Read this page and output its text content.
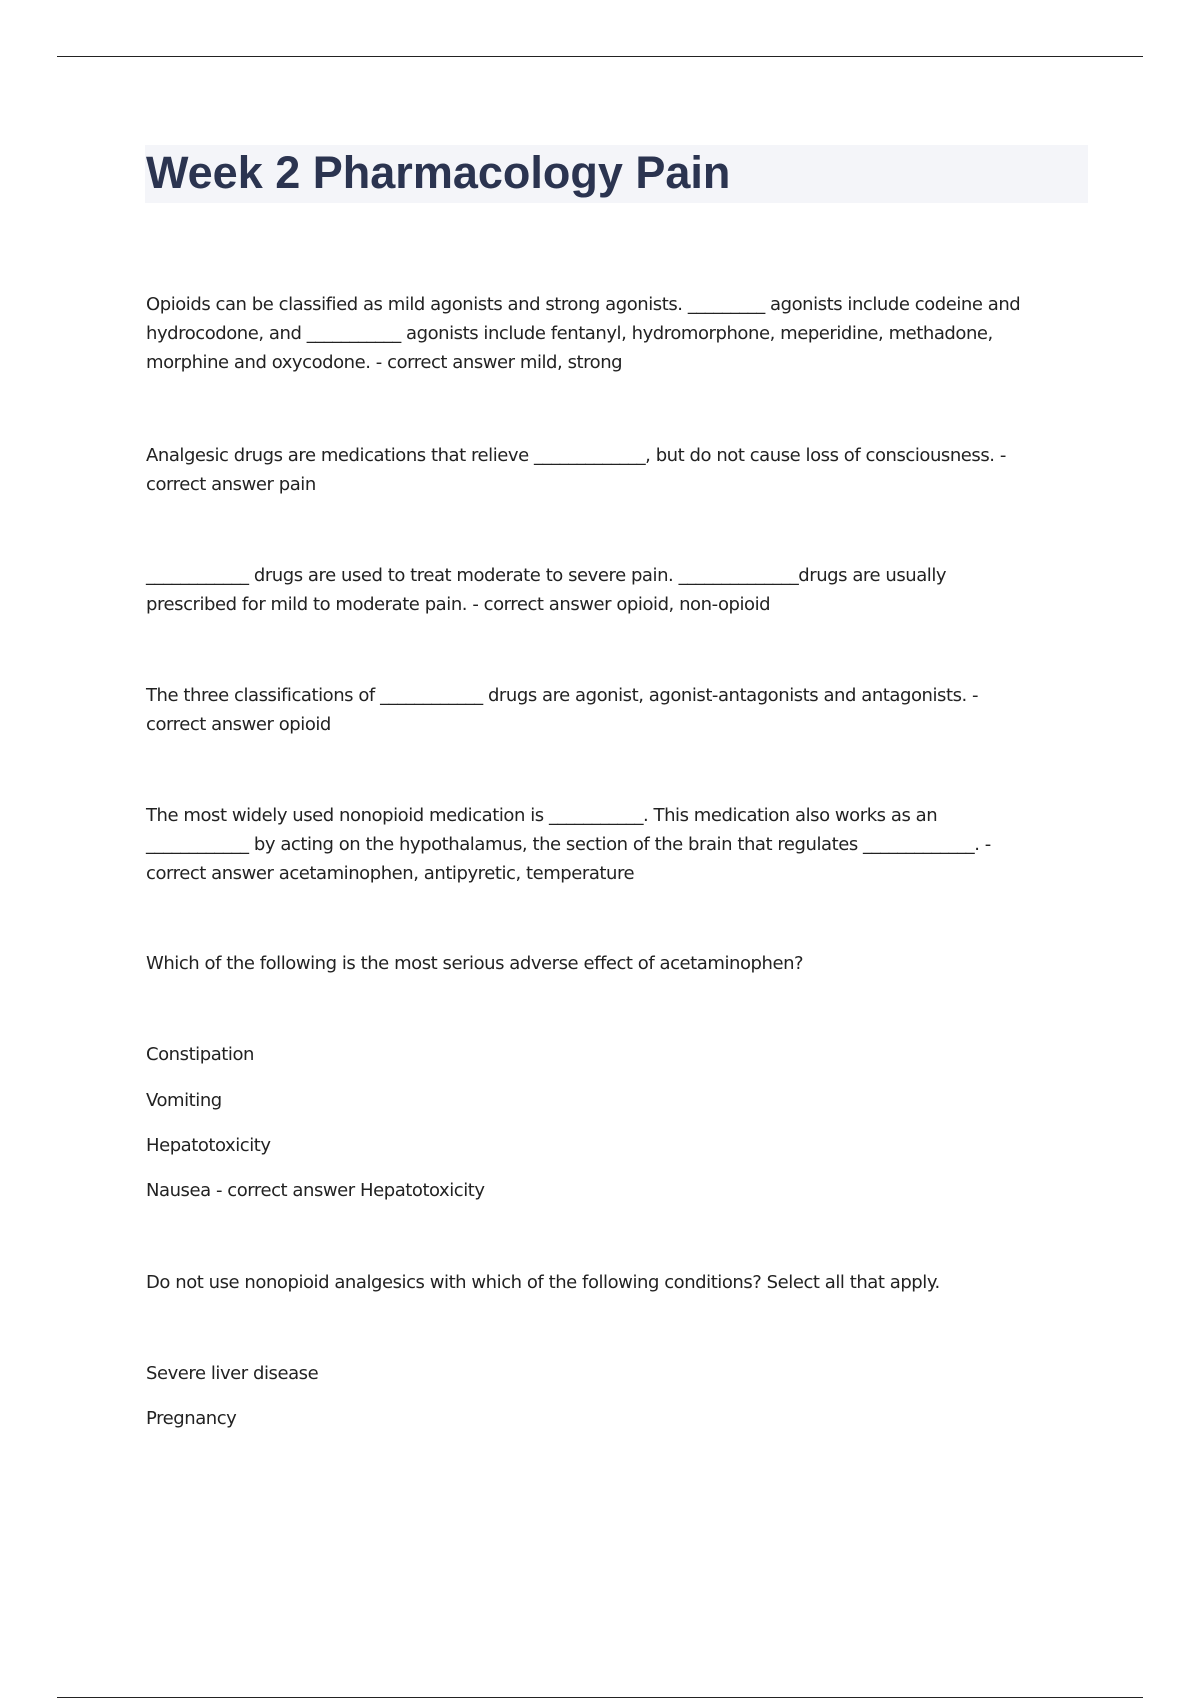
Week 2 Pharmacology Pain

Opioids can be classified as mild agonists and strong agonists. _________ agonists include codeine and
hydrocodone, and ___________ agonists include fentanyl, hydromorphone, meperidine, methadone,
morphine and oxycodone. - correct answer mild, strong

Analgesic drugs are medications that relieve _____________, but do not cause loss of consciousness. -
correct answer pain

____________ drugs are used to treat moderate to severe pain. ______________drugs are usually
prescribed for mild to moderate pain. - correct answer opioid, non-opioid

The three classifications of ____________ drugs are agonist, agonist-antagonists and antagonists. -
correct answer opioid

The most widely used nonopioid medication is ___________. This medication also works as an
____________ by acting on the hypothalamus, the section of the brain that regulates _____________. -
correct answer acetaminophen, antipyretic, temperature

Which of the following is the most serious adverse effect of acetaminophen?

Constipation

Vomiting

Hepatotoxicity

Nausea - correct answer Hepatotoxicity

Do not use nonopioid analgesics with which of the following conditions? Select all that apply.

Severe liver disease

Pregnancy
